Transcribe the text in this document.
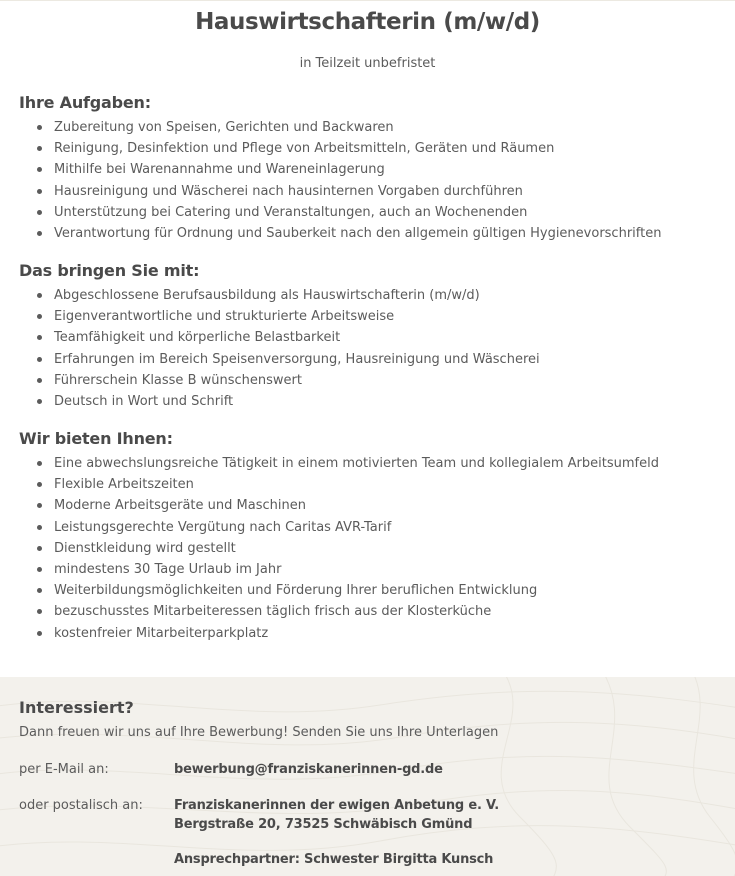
Hauswirtschafterin (m/w/d)
in Teilzeit unbefristet
Ihre Aufgaben:
Zubereitung von Speisen, Gerichten und Backwaren
Reinigung, Desinfektion und Pflege von Arbeitsmitteln, Geräten und Räumen
Mithilfe bei Warenannahme und Wareneinlagerung
Hausreinigung und Wäscherei nach hausinternen Vorgaben durchführen
Unterstützung bei Catering und Veranstaltungen, auch an Wochenenden
Verantwortung für Ordnung und Sauberkeit nach den allgemein gültigen Hygienevorschriften
Das bringen Sie mit:
Abgeschlossene Berufsausbildung als Hauswirtschafterin (m/w/d)
Eigenverantwortliche und strukturierte Arbeitsweise
Teamfähigkeit und körperliche Belastbarkeit
Erfahrungen im Bereich Speisenversorgung, Hausreinigung und Wäscherei
Führerschein Klasse B wünschenswert
Deutsch in Wort und Schrift
Wir bieten Ihnen:
Eine abwechslungsreiche Tätigkeit in einem motivierten Team und kollegialem Arbeitsumfeld
Flexible Arbeitszeiten
Moderne Arbeitsgeräte und Maschinen
Leistungsgerechte Vergütung nach Caritas AVR-Tarif
Dienstkleidung wird gestellt
mindestens 30 Tage Urlaub im Jahr
Weiterbildungsmöglichkeiten und Förderung Ihrer beruflichen Entwicklung
bezuschusstes Mitarbeiteressen täglich frisch aus der Klosterküche
kostenfreier Mitarbeiterparkplatz
Interessiert?
Dann freuen wir uns auf Ihre Bewerbung! Senden Sie uns Ihre Unterlagen
per E-Mail an:	bewerbung@franziskanerinnen-gd.de
oder postalisch an: Franziskanerinnen der ewigen Anbetung e. V.
Bergstraße 20, 73525 Schwäbisch Gmünd
Ansprechpartner: Schwester Birgitta Kunsch
